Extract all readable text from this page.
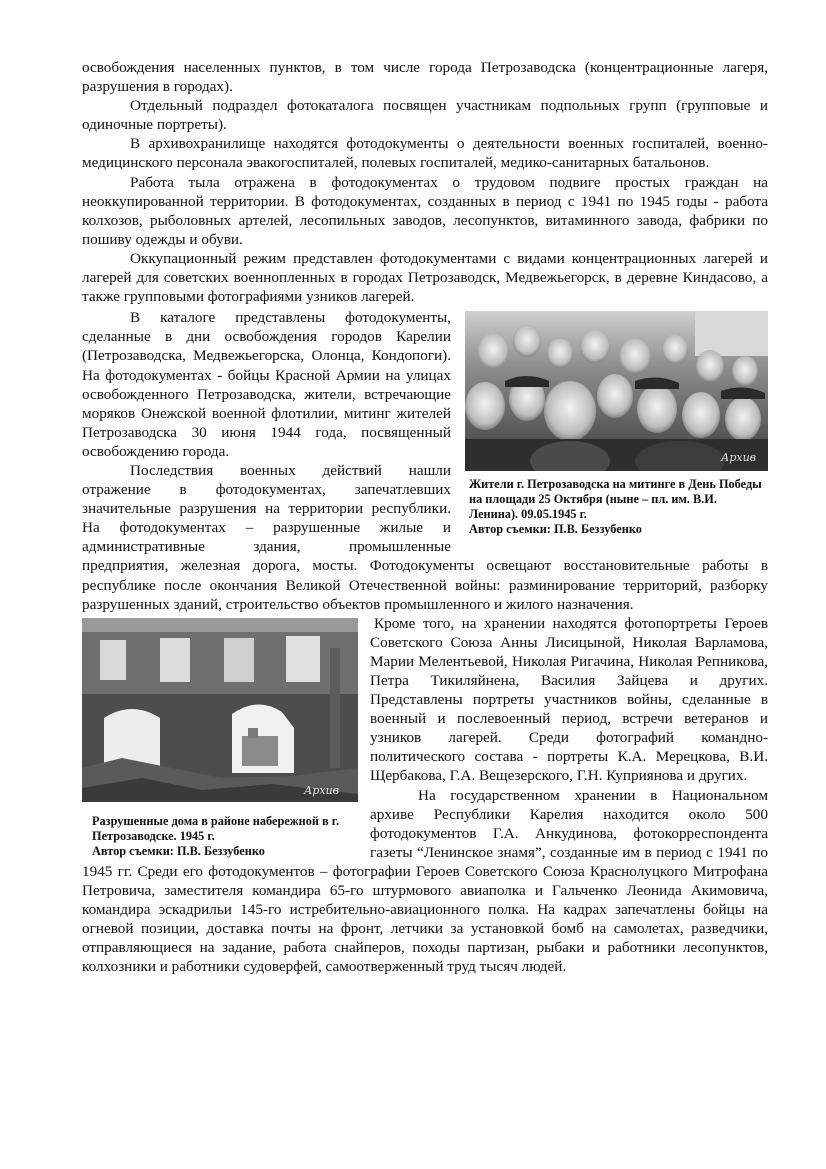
освобождения населенных пунктов, в том числе города Петрозаводска (концентрационные лагеря, разрушения в городах).

Отдельный подраздел фотокаталога посвящен участникам подпольных групп (групповые и одиночные портреты).

В архивохранилище находятся фотодокументы о деятельности военных госпиталей, военно-медицинского персонала эвакогоспиталей, полевых госпиталей, медико-санитарных батальонов.

Работа тыла отражена в фотодокументах о трудовом подвиге простых граждан на неоккупированной территории. В фотодокументах, созданных в период с 1941 по 1945 годы - работа колхозов, рыболовных артелей, лесопильных заводов, лесопунктов, витаминного завода, фабрики по пошиву одежды и обуви.

Оккупационный режим представлен фотодокументами с видами концентрационных лагерей и лагерей для советских военнопленных в городах Петрозаводск, Медвежьегорск, в деревне Киндасово, а также групповыми фотографиями узников лагерей.

Архив
Жители г. Петрозаводска на митинге в День Победы на площади 25 Октября (ныне – пл. им. В.И. Ленина). 09.05.1945 г.
Автор съемки: П.В. Беззубенко

В каталоге представлены фотодокументы, сделанные в дни освобождения городов Карелии (Петрозаводска, Медвежьегорска, Олонца, Кондопоги). На фотодокументах - бойцы Красной Армии на улицах освобожденного Петрозаводска, жители, встречающие моряков Онежской военной флотилии, митинг жителей Петрозаводска 30 июня 1944 года, посвященный освобождению города.

Последствия военных действий нашли отражение в фотодокументах, запечатлевших значительные разрушения на территории республики. На фотодокументах – разрушенные жилые и административные здания, промышленные предприятия, железная дорога, мосты. Фотодокументы освещают восстановительные работы в республике после окончания Великой Отечественной войны: разминирование территорий, разборку разрушенных зданий, строительство объектов промышленного и жилого назначения.

Архив
Разрушенные дома в районе набережной в г. Петрозаводске. 1945 г.
Автор съемки: П.В. Беззубенко

Кроме того, на хранении находятся фотопортреты Героев Советского Союза Анны Лисицыной, Николая Варламова, Марии Мелентьевой, Николая Ригачина, Николая Репникова, Петра Тикиляйнена, Василия Зайцева и других. Представлены портреты участников войны, сделанные в военный и послевоенный период, встречи ветеранов и узников лагерей. Среди фотографий командно-политического состава - портреты К.А. Мерецкова, В.И. Щербакова, Г.А. Вещезерского, Г.Н. Куприянова и других.

На государственном хранении в Национальном архиве Республики Карелия находится около 500 фотодокументов Г.А. Анкудинова, фотокорреспондента газеты “Ленинское знамя”, созданные им в период с 1941 по 1945 гг. Среди его фотодокументов – фотографии Героев Советского Союза Краснолуцкого Митрофана Петровича, заместителя командира 65-го штурмового авиаполка и Гальченко Леонида Акимовича, командира эскадрильи 145-го истребительно-авиационного полка. На кадрах запечатлены бойцы на огневой позиции, доставка почты на фронт, летчики за установкой бомб на самолетах, разведчики, отправляющиеся на задание, работа снайперов, походы партизан, рыбаки и работники лесопунктов, колхозники и работники судоверфей, самоотверженный труд тысяч людей.
